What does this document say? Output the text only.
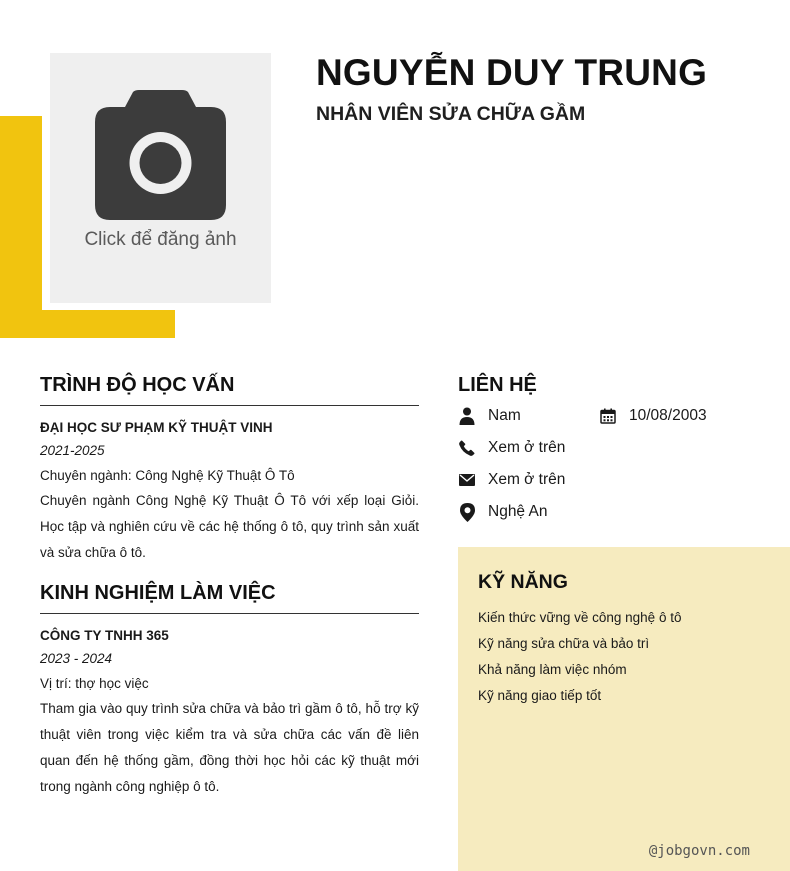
Click để đăng ảnh
NGUYỄN DUY TRUNG
NHÂN VIÊN SỬA CHỮA GẦM
TRÌNH ĐỘ HỌC VẤN
ĐẠI HỌC SƯ PHẠM KỸ THUẬT VINH
2021-2025
Chuyên ngành: Công Nghệ Kỹ Thuật Ô Tô
Chuyên ngành Công Nghệ Kỹ Thuật Ô Tô với xếp loại Giỏi. Học tập và nghiên cứu về các hệ thống ô tô, quy trình sản xuất và sửa chữa ô tô.
KINH NGHIỆM LÀM VIỆC
CÔNG TY TNHH 365
2023 - 2024
Vị trí: thợ học việc
Tham gia vào quy trình sửa chữa và bảo trì gầm ô tô, hỗ trợ kỹ thuật viên trong việc kiểm tra và sửa chữa các vấn đề liên quan đến hệ thống gầm, đồng thời học hỏi các kỹ thuật mới trong ngành công nghiệp ô tô.
LIÊN HỆ
Nam	10/08/2003
Xem ở trên
Xem ở trên
Nghệ An
KỸ NĂNG
Kiến thức vững về công nghệ ô tô
Kỹ năng sửa chữa và bảo trì
Khả năng làm việc nhóm
Kỹ năng giao tiếp tốt
@jobgovn.com
